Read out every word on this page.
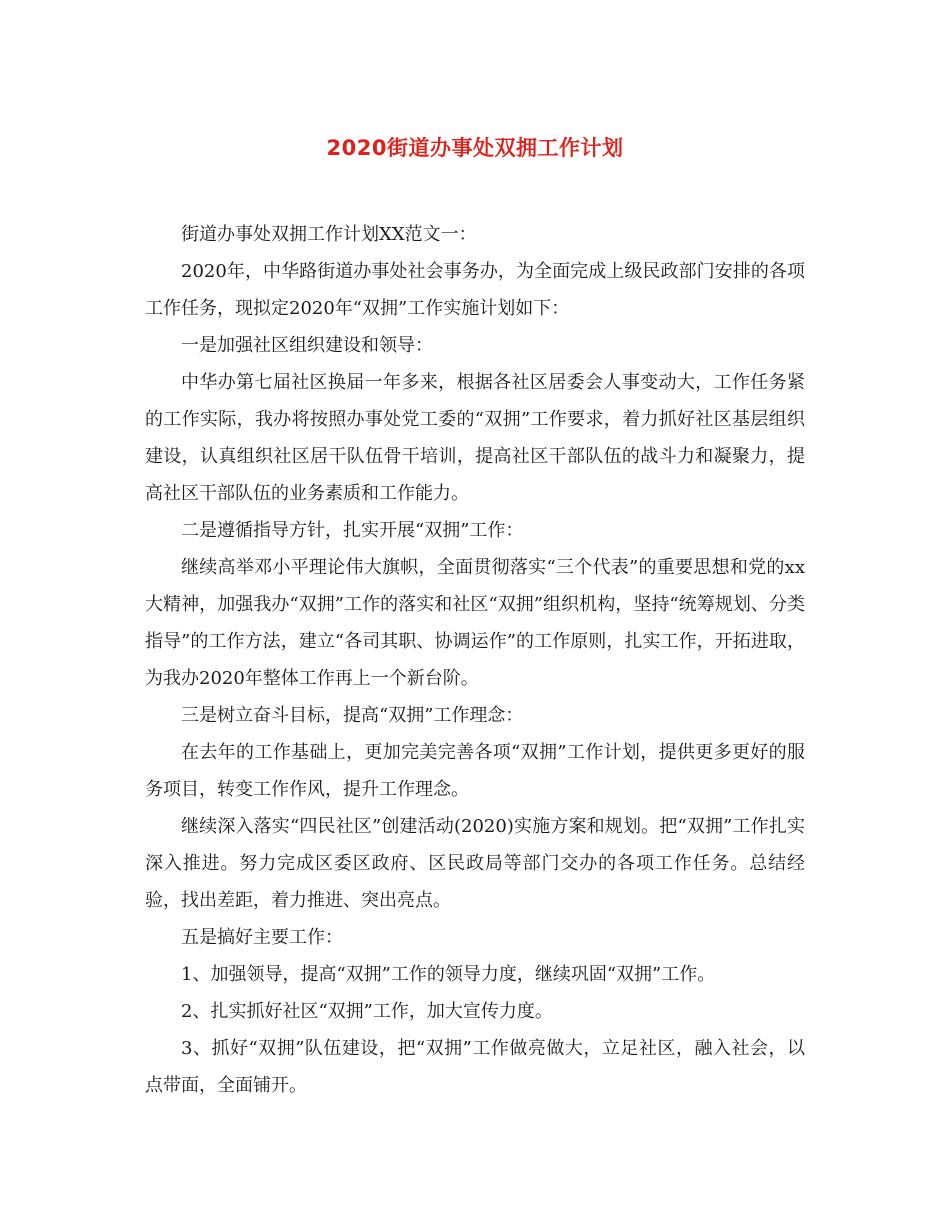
2020街道办事处双拥工作计划

街道办事处双拥工作计划XX范文一：

2020年，中华路街道办事处社会事务办，为全面完成上级民政部门安排的各项工作任务，现拟定2020年“双拥”工作实施计划如下：

一是加强社区组织建设和领导：

中华办第七届社区换届一年多来，根据各社区居委会人事变动大，工作任务紧的工作实际，我办将按照办事处党工委的“双拥”工作要求，着力抓好社区基层组织建设，认真组织社区居干队伍骨干培训，提高社区干部队伍的战斗力和凝聚力，提高社区干部队伍的业务素质和工作能力。

二是遵循指导方针，扎实开展“双拥”工作：

继续高举邓小平理论伟大旗帜，全面贯彻落实“三个代表”的重要思想和党的xx大精神，加强我办“双拥”工作的落实和社区“双拥”组织机构，坚持“统筹规划、分类指导”的工作方法，建立“各司其职、协调运作”的工作原则，扎实工作，开拓进取，为我办2020年整体工作再上一个新台阶。

三是树立奋斗目标，提高“双拥”工作理念：

在去年的工作基础上，更加完美完善各项“双拥”工作计划，提供更多更好的服务项目，转变工作作风，提升工作理念。

继续深入落实“四民社区”创建活动(2020)实施方案和规划。把“双拥”工作扎实深入推进。努力完成区委区政府、区民政局等部门交办的各项工作任务。总结经验，找出差距，着力推进、突出亮点。

五是搞好主要工作：

1、加强领导，提高“双拥”工作的领导力度，继续巩固“双拥”工作。

2、扎实抓好社区“双拥”工作，加大宣传力度。

3、抓好“双拥”队伍建设，把“双拥”工作做亮做大，立足社区，融入社会，以点带面，全面铺开。
